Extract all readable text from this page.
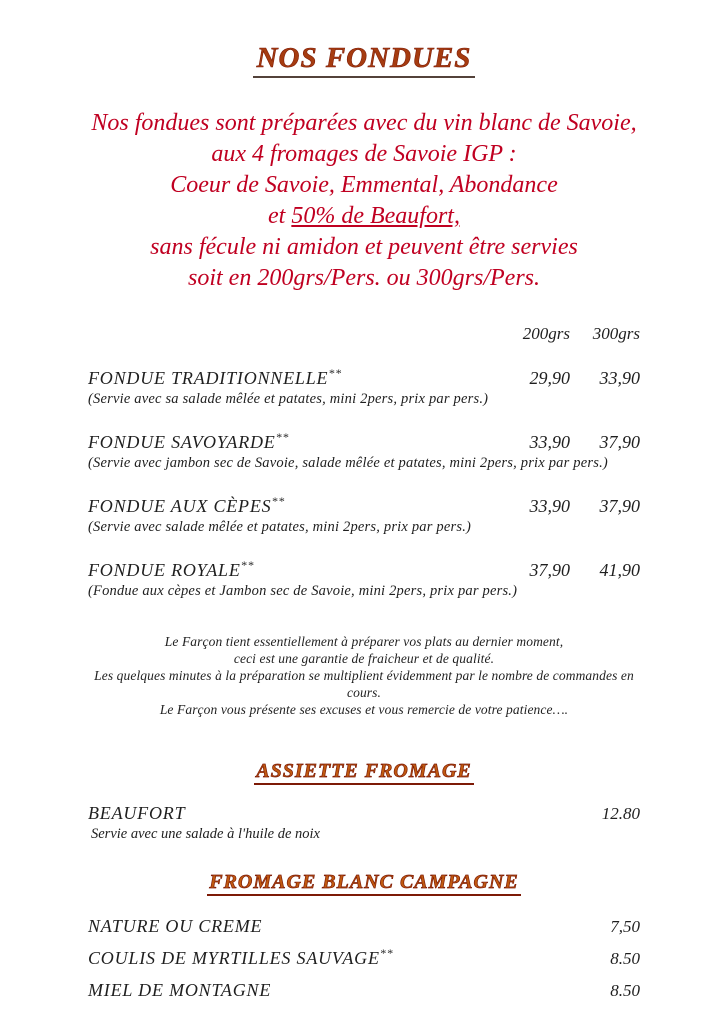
NOS FONDUES
Nos fondues sont préparées avec du vin blanc de Savoie,
aux 4 fromages de Savoie IGP :
Coeur de Savoie, Emmental, Abondance
et 50% de Beaufort,
sans fécule ni amidon et peuvent être servies
soit en 200grs/Pers. ou 300grs/Pers.
200grs	300grs
FONDUE TRADITIONNELLE**	29,90	33,90
(Servie avec sa salade mêlée et patates, mini 2pers, prix par pers.)
FONDUE SAVOYARDE**	33,90	37,90
(Servie avec jambon sec de Savoie, salade mêlée et patates, mini 2pers, prix par pers.)
FONDUE AUX CÈPES**	33,90	37,90
(Servie avec salade mêlée et patates, mini 2pers, prix par pers.)
FONDUE ROYALE**	37,90	41,90
(Fondue aux cèpes et Jambon sec de Savoie, mini 2pers, prix par pers.)
Le Farçon tient essentiellement à préparer vos plats au dernier moment,
ceci est une garantie de fraicheur et de qualité.
Les quelques minutes à la préparation se multiplient évidemment par le nombre de commandes en cours.
Le Farçon vous présente ses excuses et vous remercie de votre patience….
ASSIETTE FROMAGE
BEAUFORT	12.80
Servie avec une salade à l'huile de noix
FROMAGE BLANC CAMPAGNE
NATURE OU CREME	7,50
COULIS DE MYRTILLES SAUVAGE**	8.50
MIEL DE MONTAGNE	8.50
